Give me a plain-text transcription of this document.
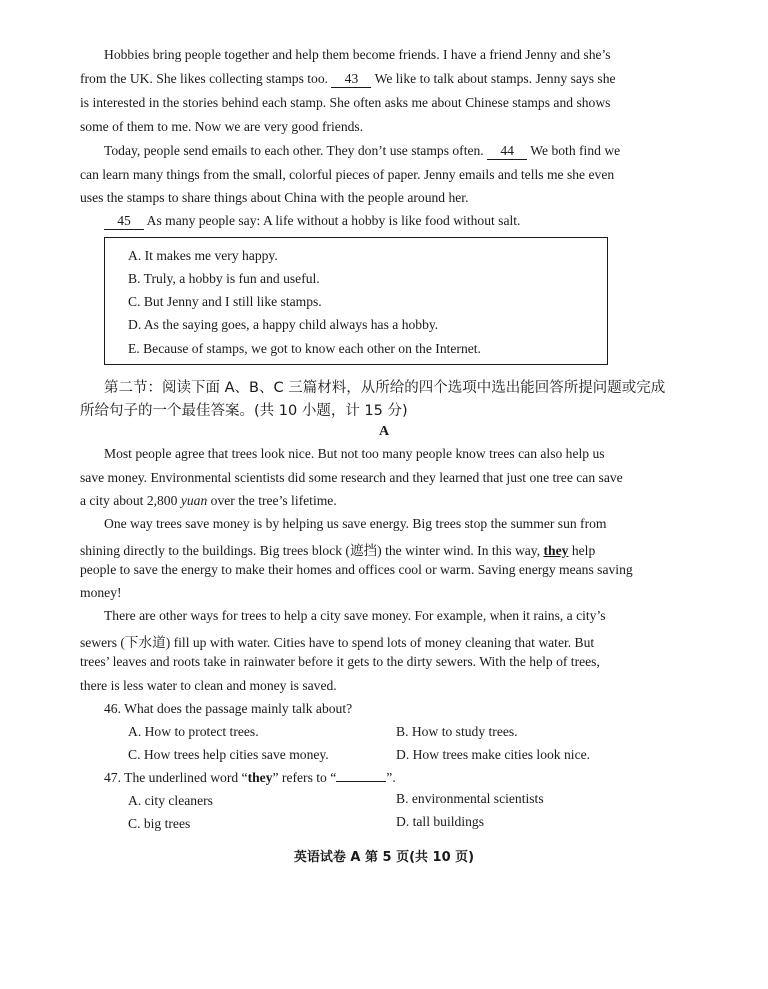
Hobbies bring people together and help them become friends. I have a friend Jenny and she’s
from the UK. She likes collecting stamps too. 43 We like to talk about stamps. Jenny says she
is interested in the stories behind each stamp. She often asks me about Chinese stamps and shows
some of them to me. Now we are very good friends.
Today, people send emails to each other. They don’t use stamps often. 44 We both find we
can learn many things from the small, colorful pieces of paper. Jenny emails and tells me she even
uses the stamps to share things about China with the people around her.
45 As many people say: A life without a hobby is like food without salt.
A. It makes me very happy.
B. Truly, a hobby is fun and useful.
C. But Jenny and I still like stamps.
D. As the saying goes, a happy child always has a hobby.
E. Because of stamps, we got to know each other on the Internet.
第二节：阅读下面 A、B、C 三篇材料，从所给的四个选项中选出能回答所提问题或完成
所给句子的一个最佳答案。(共 10 小题，计 15 分)
A
Most people agree that trees look nice. But not too many people know trees can also help us
save money. Environmental scientists did some research and they learned that just one tree can save
a city about 2,800 yuan over the tree’s lifetime.
One way trees save money is by helping us save energy. Big trees stop the summer sun from
shining directly to the buildings. Big trees block (遮挡) the winter wind. In this way, they help
people to save the energy to make their homes and offices cool or warm. Saving energy means saving
money!
There are other ways for trees to help a city save money. For example, when it rains, a city’s
sewers (下水道) fill up with water. Cities have to spend lots of money cleaning that water. But
trees’ leaves and roots take in rainwater before it gets to the dirty sewers. With the help of trees,
there is less water to clean and money is saved.
46. What does the passage mainly talk about?
A. How to protect trees.	B. How to study trees.
C. How trees help cities save money.	D. How trees make cities look nice.
47. The underlined word “they” refers to “	”.
A. city cleaners	B. environmental scientists
C. big trees	D. tall buildings
英语试卷 A 第 5 页(共 10 页)
